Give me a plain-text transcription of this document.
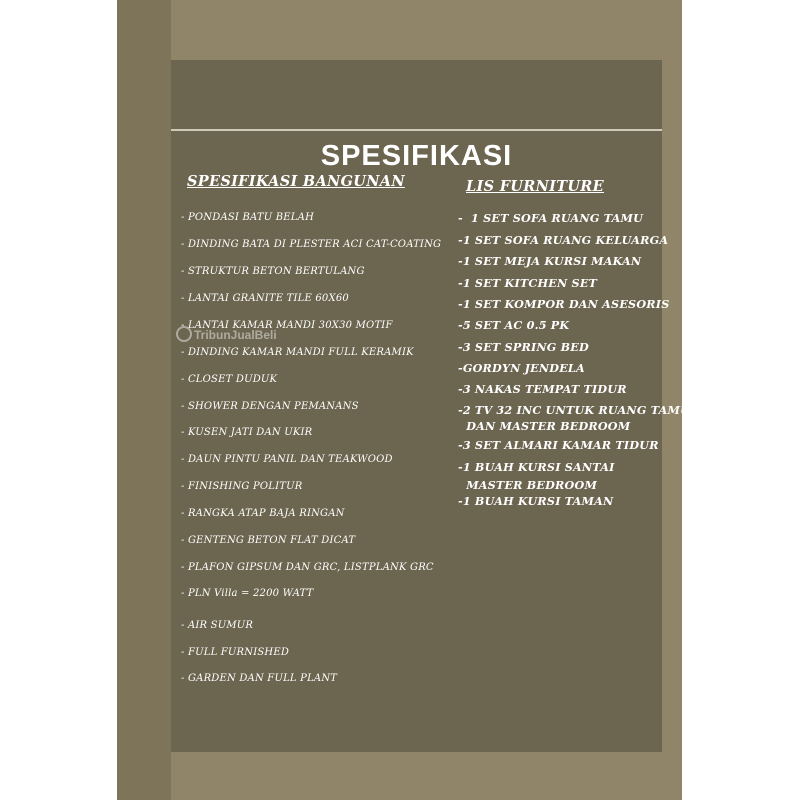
SPESIFIKASI
SPESIFIKASI BANGUNAN
- PONDASI BATU BELAH
- DINDING BATA DI PLESTER ACI CAT-COATING
- STRUKTUR BETON BERTULANG
- LANTAI GRANITE TILE 60X60
- LANTAI KAMAR MANDI 30X30 MOTIF
- DINDING KAMAR MANDI FULL KERAMIK
- CLOSET DUDUK
- SHOWER DENGAN PEMANANS
- KUSEN JATI DAN UKIR
- DAUN PINTU PANIL DAN TEAKWOOD
- FINISHING POLITUR
- RANGKA ATAP BAJA RINGAN
- GENTENG BETON FLAT DICAT
- PLAFON GIPSUM DAN GRC, LISTPLANK GRC
- PLN Villa = 2200 WATT
- AIR SUMUR
- FULL FURNISHED
- GARDEN DAN FULL PLANT
LIS FURNITURE
-  1 SET SOFA RUANG TAMU
-1 SET SOFA RUANG KELUARGA
-1 SET MEJA KURSI MAKAN
-1 SET KITCHEN SET
-1 SET KOMPOR DAN ASESORIS
-5 SET AC 0.5 PK
-3 SET SPRING BED
-GORDYN JENDELA
-3 NAKAS TEMPAT TIDUR
-2 TV 32 INC UNTUK RUANG TAMU
DAN MASTER BEDROOM
-3 SET ALMARI KAMAR TIDUR
-1 BUAH KURSI SANTAI
MASTER BEDROOM
-1 BUAH KURSI TAMAN
TribunJualBeli
